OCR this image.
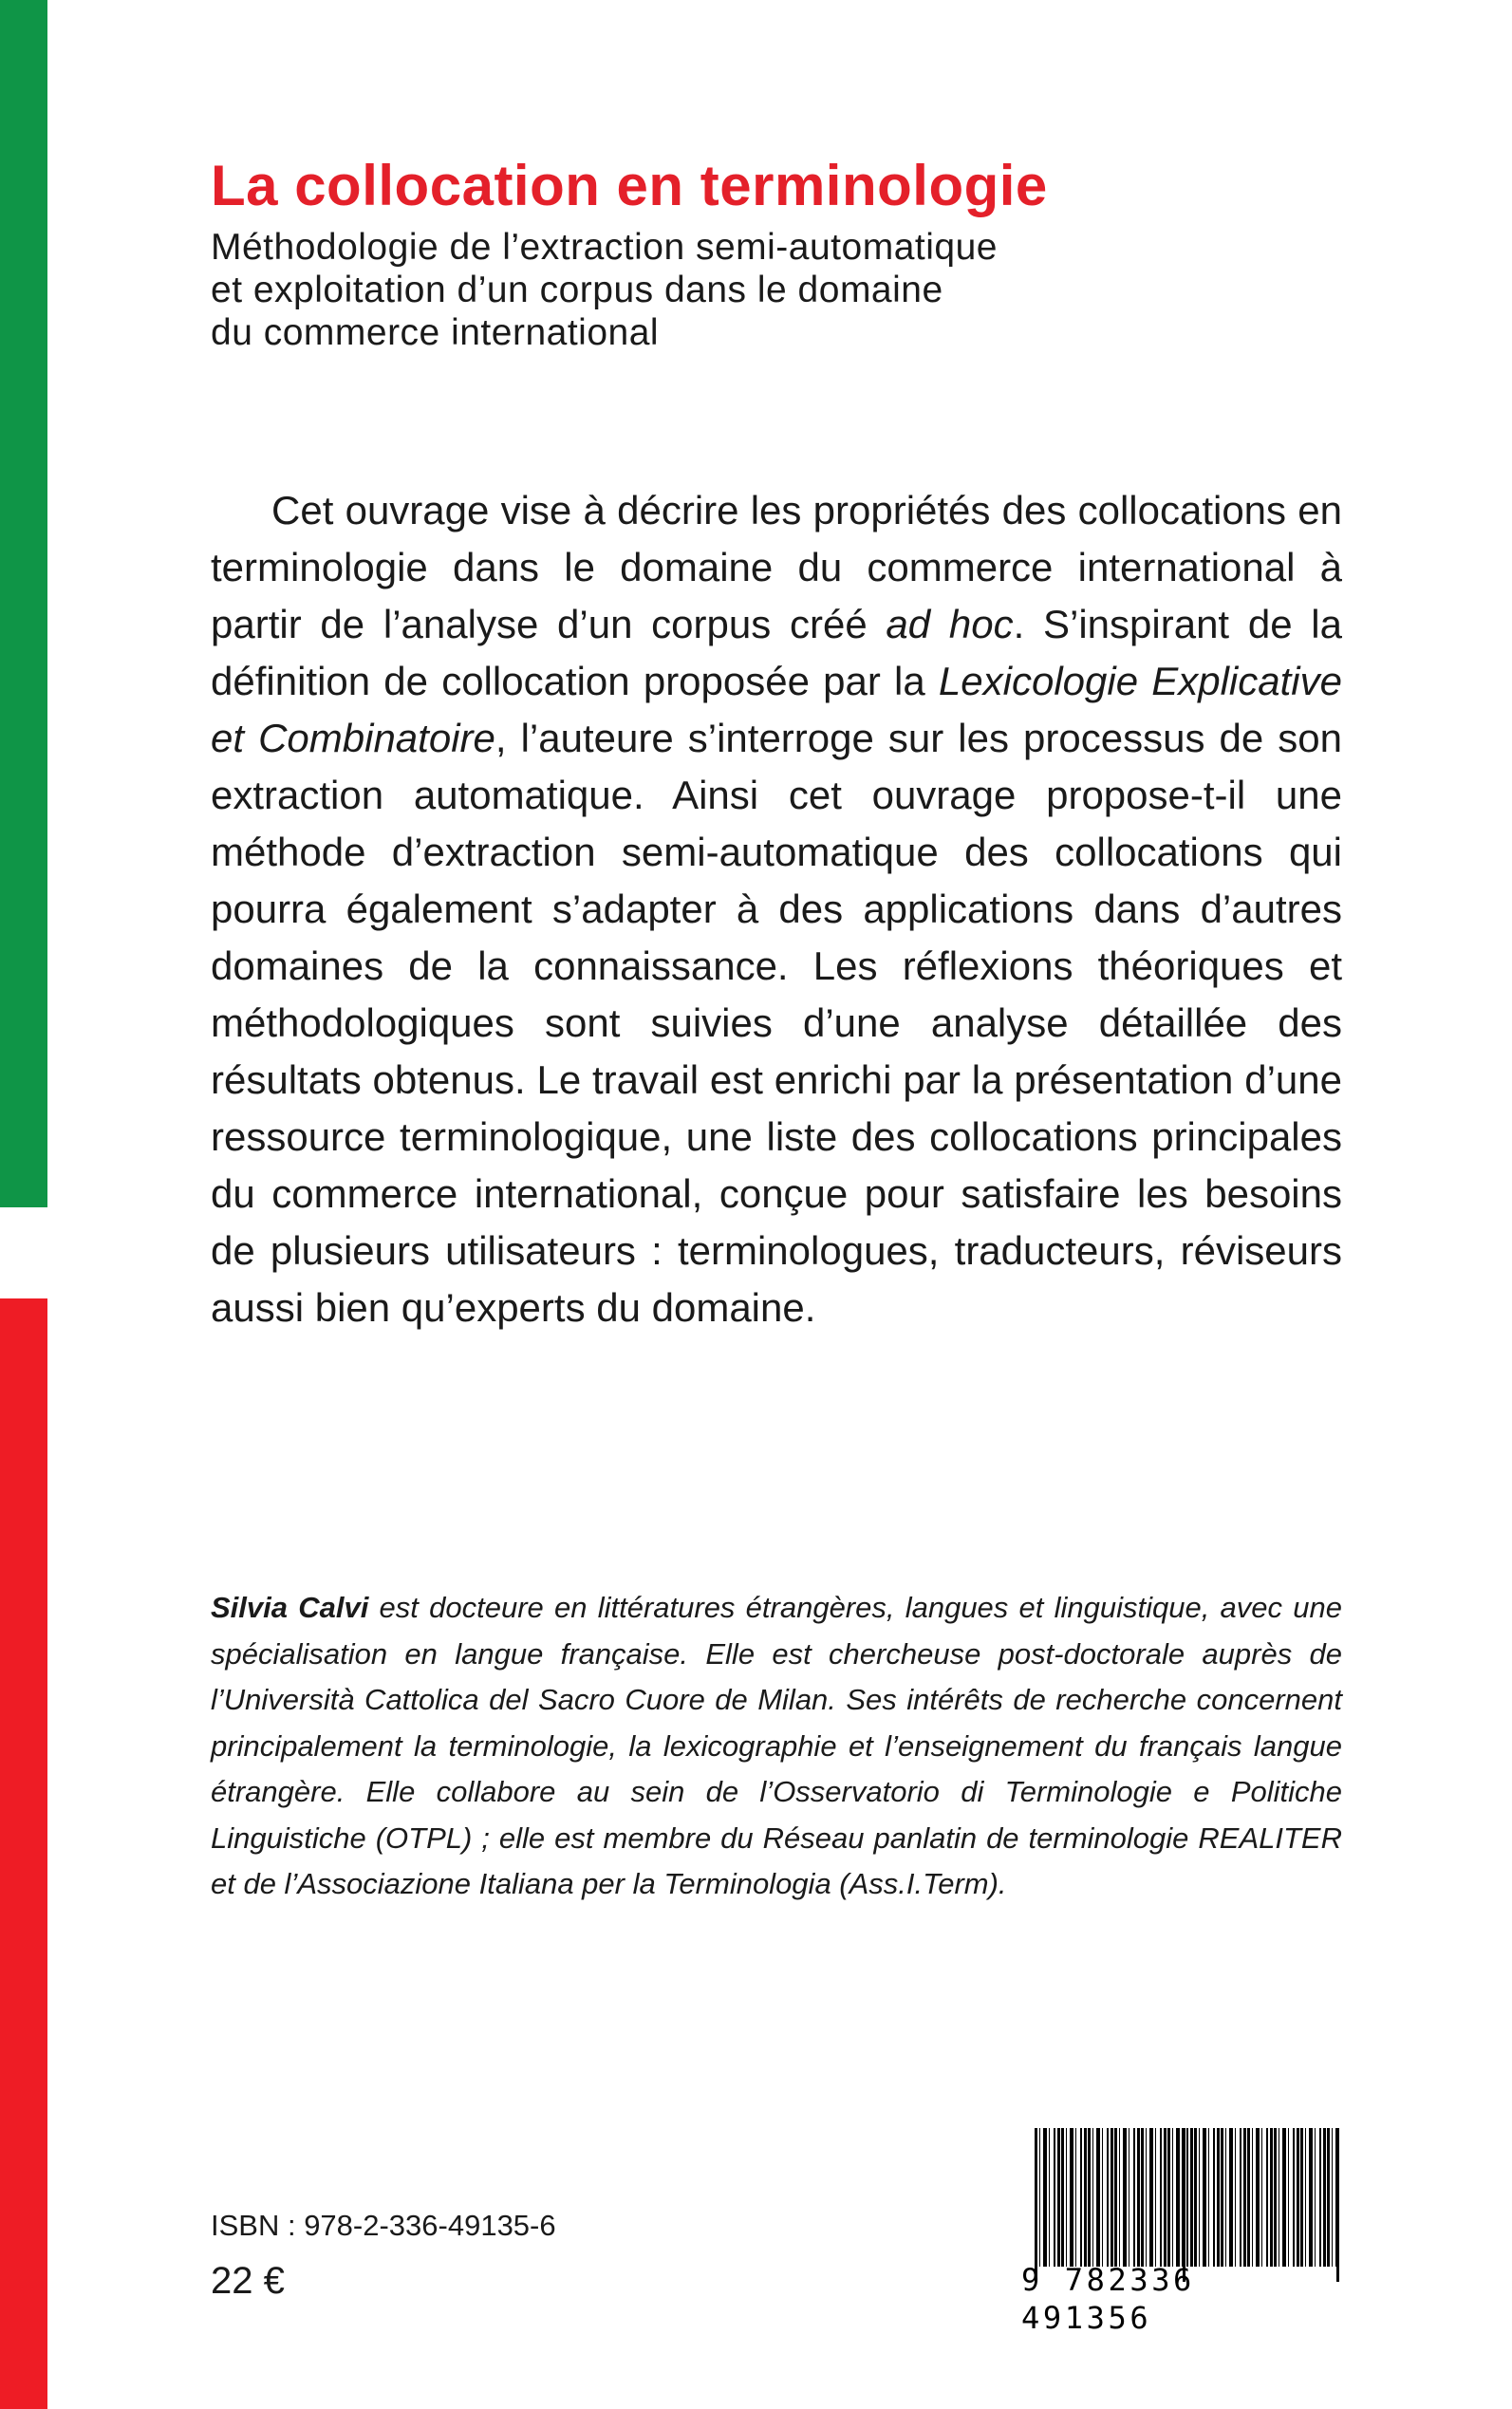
La collocation en terminologie
Méthodologie de l’extraction semi-automatique
et exploitation d’un corpus dans le domaine
du commerce international

Cet ouvrage vise à décrire les propriétés des collocations en terminologie dans le domaine du commerce international à partir de l’analyse d’un corpus créé ad hoc. S’inspirant de la définition de collocation proposée par la Lexicologie Explicative et Combinatoire, l’auteure s’interroge sur les processus de son extraction automatique. Ainsi cet ouvrage propose-t-il une méthode d’extraction semi-automatique des collocations qui pourra également s’adapter à des applications dans d’autres domaines de la connaissance. Les réflexions théoriques et méthodologiques sont suivies d’une analyse détaillée des résultats obtenus. Le travail est enrichi par la présentation d’une ressource terminologique, une liste des collocations principales du commerce international, conçue pour satisfaire les besoins de plusieurs utilisateurs : terminologues, traducteurs, réviseurs aussi bien qu’experts du domaine.

Silvia Calvi est docteure en littératures étrangères, langues et linguistique, avec une spécialisation en langue française. Elle est chercheuse post-doctorale auprès de l’Università Cattolica del Sacro Cuore de Milan. Ses intérêts de recherche concernent principalement la terminologie, la lexicographie et l’enseignement du français langue étrangère. Elle collabore au sein de l’Osservatorio di Terminologie e Politiche Linguistiche (OTPL) ; elle est membre du Réseau panlatin de terminologie REALITER et de l’Associazione Italiana per la Terminologia (Ass.I.Term).

ISBN : 978-2-336-49135-6
22 €	9 782336 491356
